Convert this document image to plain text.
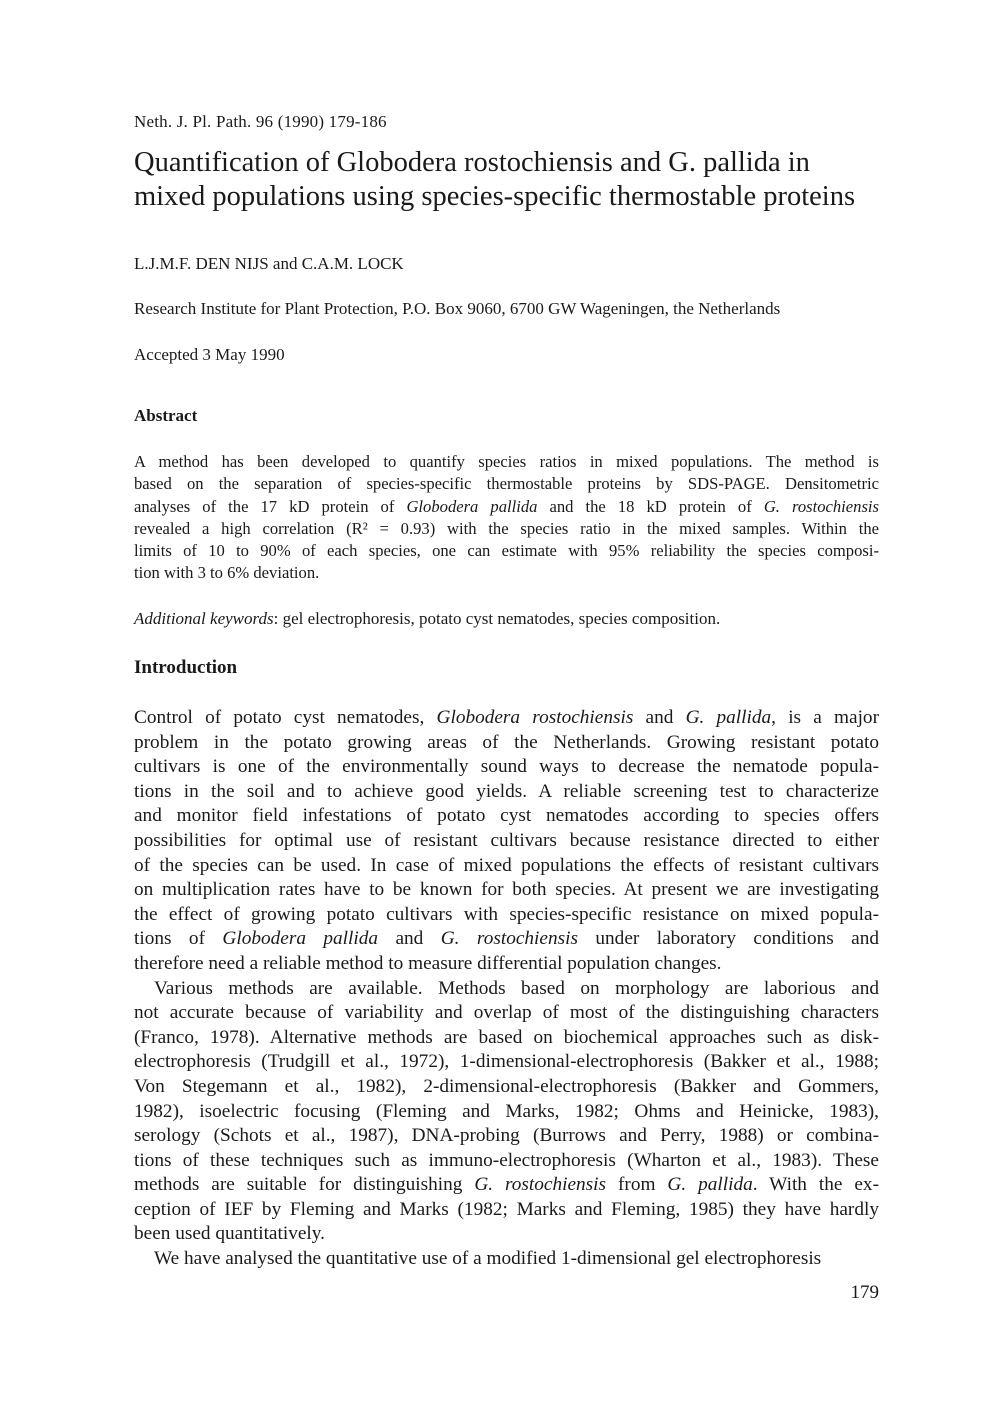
Neth. J. Pl. Path. 96 (1990) 179-186
Quantification of Globodera rostochiensis and G. pallida in
mixed populations using species-specific thermostable proteins
L.J.M.F. DEN NIJS and C.A.M. LOCK
Research Institute for Plant Protection, P.O. Box 9060, 6700 GW Wageningen, the Netherlands
Accepted 3 May 1990
Abstract
A method has been developed to quantify species ratios in mixed populations. The method is
based on the separation of species-specific thermostable proteins by SDS-PAGE. Densitometric
analyses of the 17 kD protein of Globodera pallida and the 18 kD protein of G. rostochiensis
revealed a high correlation (R² = 0.93) with the species ratio in the mixed samples. Within the
limits of 10 to 90% of each species, one can estimate with 95% reliability the species composi-
tion with 3 to 6% deviation.
Additional keywords: gel electrophoresis, potato cyst nematodes, species composition.
Introduction
Control of potato cyst nematodes, Globodera rostochiensis and G. pallida, is a major
problem in the potato growing areas of the Netherlands. Growing resistant potato
cultivars is one of the environmentally sound ways to decrease the nematode popula-
tions in the soil and to achieve good yields. A reliable screening test to characterize
and monitor field infestations of potato cyst nematodes according to species offers
possibilities for optimal use of resistant cultivars because resistance directed to either
of the species can be used. In case of mixed populations the effects of resistant cultivars
on multiplication rates have to be known for both species. At present we are investigating
the effect of growing potato cultivars with species-specific resistance on mixed popula-
tions of Globodera pallida and G. rostochiensis under laboratory conditions and
therefore need a reliable method to measure differential population changes.
Various methods are available. Methods based on morphology are laborious and
not accurate because of variability and overlap of most of the distinguishing characters
(Franco, 1978). Alternative methods are based on biochemical approaches such as disk-
electrophoresis (Trudgill et al., 1972), 1-dimensional-electrophoresis (Bakker et al., 1988;
Von Stegemann et al., 1982), 2-dimensional-electrophoresis (Bakker and Gommers,
1982), isoelectric focusing (Fleming and Marks, 1982; Ohms and Heinicke, 1983),
serology (Schots et al., 1987), DNA-probing (Burrows and Perry, 1988) or combina-
tions of these techniques such as immuno-electrophoresis (Wharton et al., 1983). These
methods are suitable for distinguishing G. rostochiensis from G. pallida. With the ex-
ception of IEF by Fleming and Marks (1982; Marks and Fleming, 1985) they have hardly
been used quantitatively.
We have analysed the quantitative use of a modified 1-dimensional gel electrophoresis
179
